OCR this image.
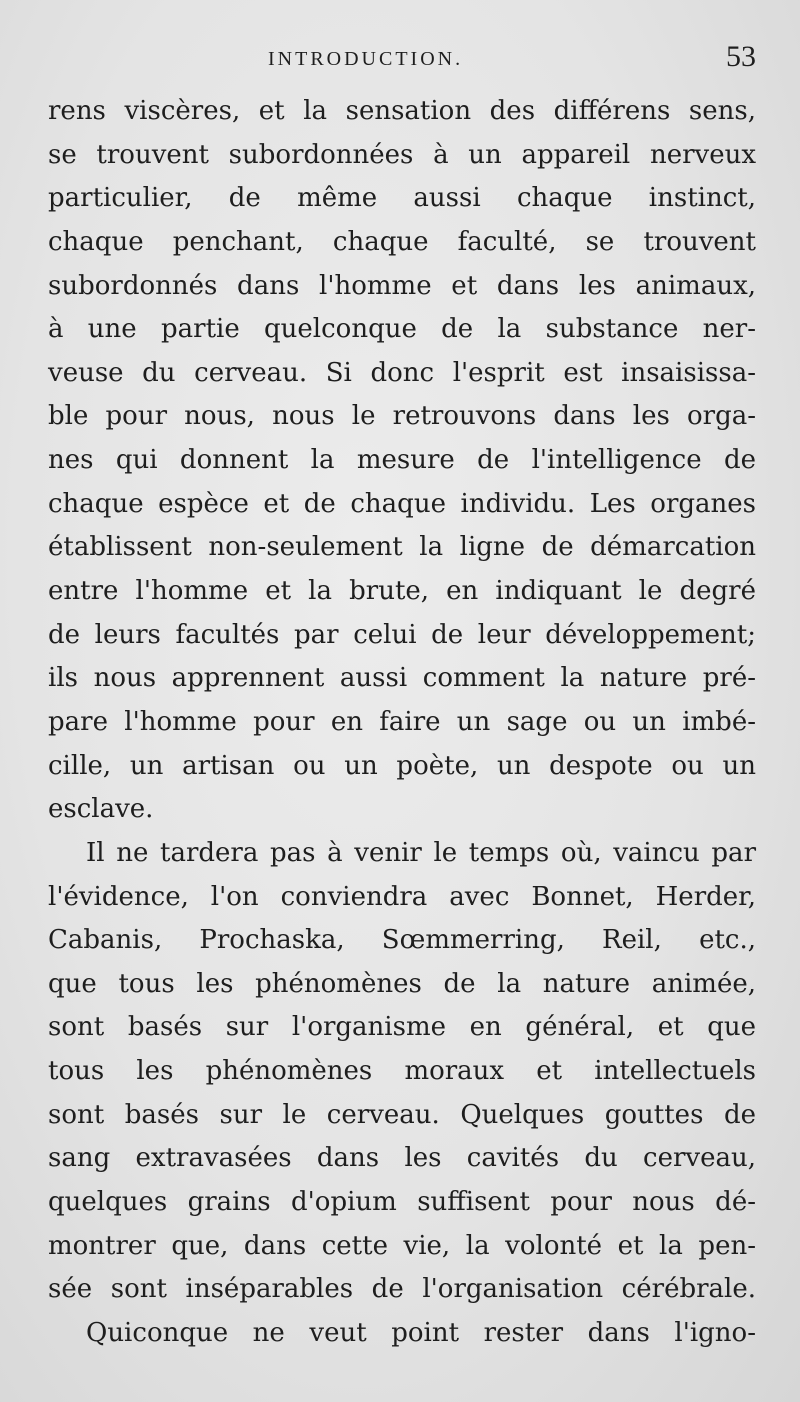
INTRODUCTION.	53
rens viscères, et la sensation des différens sens,
se trouvent subordonnées à un appareil nerveux
particulier, de même aussi chaque instinct,
chaque penchant, chaque faculté, se trouvent
subordonnés dans l'homme et dans les animaux,
à une partie quelconque de la substance ner-
veuse du cerveau. Si donc l'esprit est insaisissa-
ble pour nous, nous le retrouvons dans les orga-
nes qui donnent la mesure de l'intelligence de
chaque espèce et de chaque individu. Les organes
établissent non-seulement la ligne de démarcation
entre l'homme et la brute, en indiquant le degré
de leurs facultés par celui de leur développement;
ils nous apprennent aussi comment la nature pré-
pare l'homme pour en faire un sage ou un imbé-
cille, un artisan ou un poète, un despote ou un
esclave.
Il ne tardera pas à venir le temps où, vaincu par
l'évidence, l'on conviendra avec Bonnet, Herder,
Cabanis, Prochaska, Sœmmerring, Reil, etc.,
que tous les phénomènes de la nature animée,
sont basés sur l'organisme en général, et que
tous les phénomènes moraux et intellectuels
sont basés sur le cerveau. Quelques gouttes de
sang extravasées dans les cavités du cerveau,
quelques grains d'opium suffisent pour nous dé-
montrer que, dans cette vie, la volonté et la pen-
sée sont inséparables de l'organisation cérébrale.
Quiconque ne veut point rester dans l'igno-
